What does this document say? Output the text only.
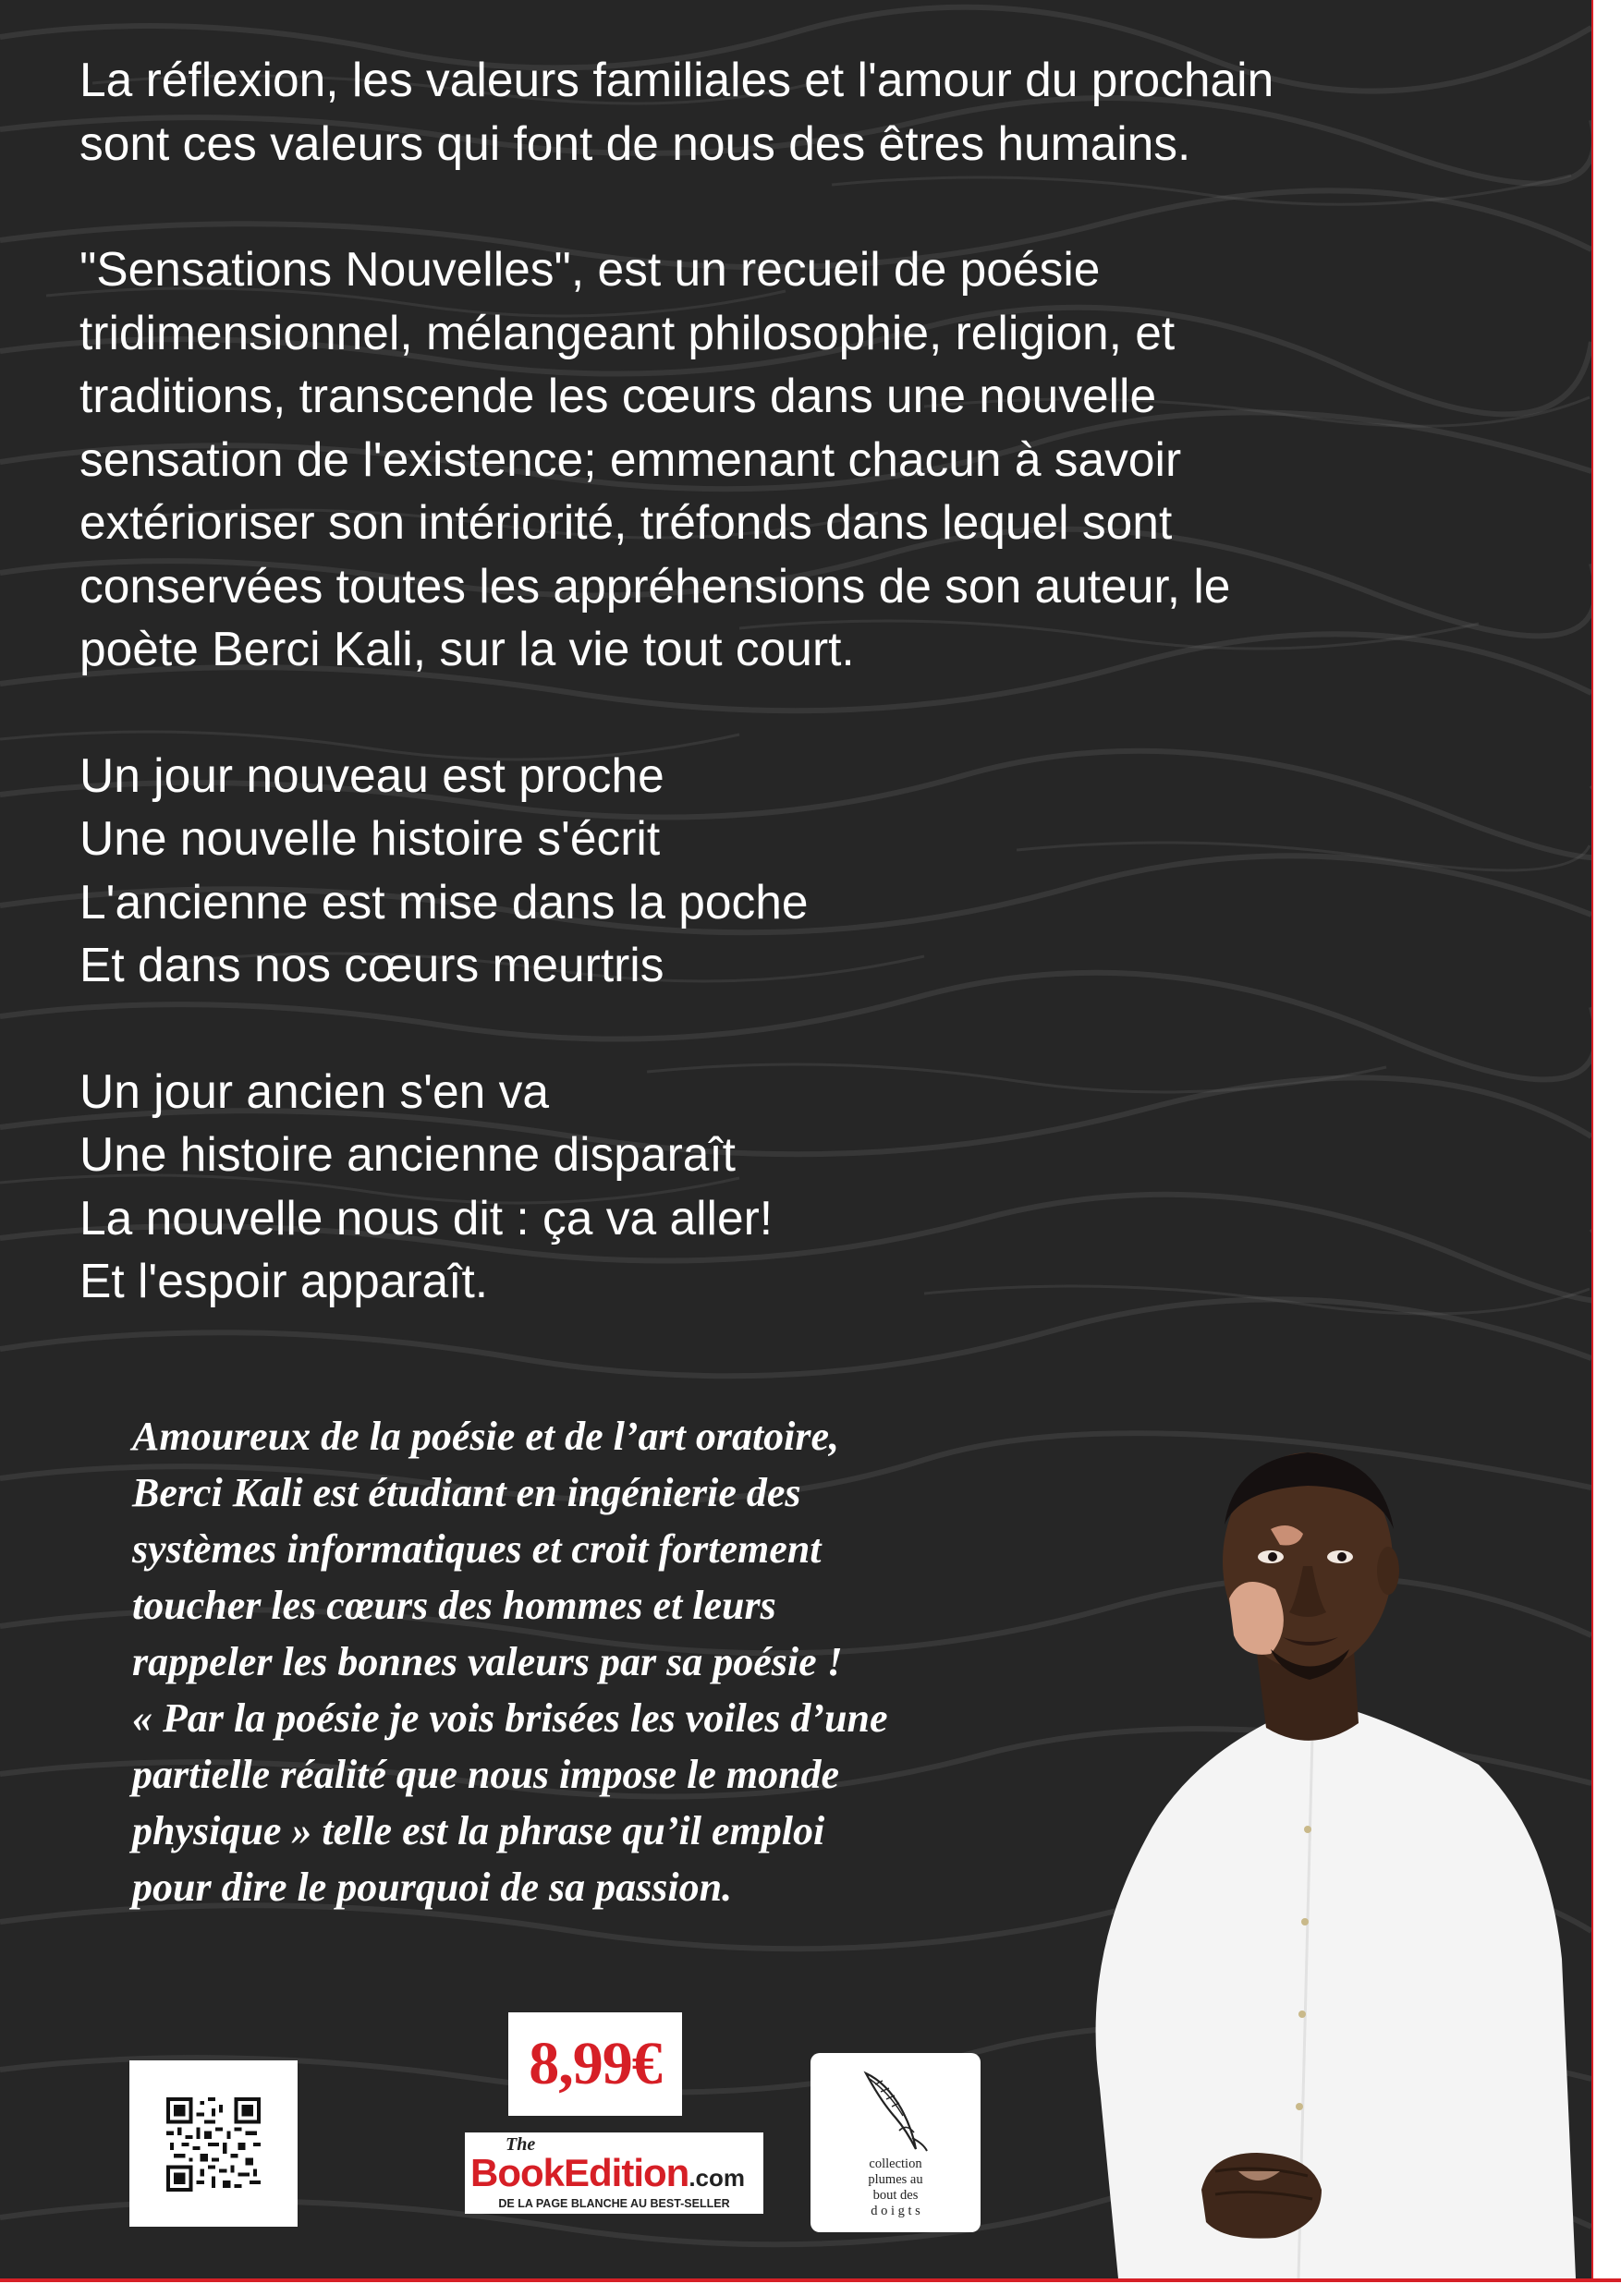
La réflexion, les valeurs familiales et l'amour du prochain

sont ces valeurs qui font de nous des êtres humains.

"Sensations Nouvelles", est un recueil de poésie

tridimensionnel, mélangeant philosophie, religion, et

traditions, transcende les cœurs dans une nouvelle

sensation de l'existence; emmenant chacun à savoir

extérioriser son intériorité, tréfonds dans lequel sont

conservées toutes les appréhensions de son auteur, le

poète Berci Kali, sur la vie tout court.

Un jour nouveau est proche

Une nouvelle histoire s'écrit

L'ancienne est mise dans la poche

Et dans nos cœurs meurtris

Un jour ancien s'en va

Une histoire ancienne disparaît

La nouvelle nous dit : ça va aller!

Et l'espoir apparaît.

Amoureux de la poésie et de l’art oratoire,

Berci Kali est étudiant en ingénierie des

systèmes informatiques et croit fortement

toucher les cœurs des hommes et leurs

rappeler les bonnes valeurs par sa poésie !

« Par la poésie je vois brisées les voiles d’une

partielle réalité que nous impose le monde

physique » telle est la phrase qu’il emploi

pour dire le pourquoi de sa passion.

8,99€
The
BookEdition.com
DE LA PAGE BLANCHE AU BEST-SELLER
collection
plumes au
bout des
d o i g t s
